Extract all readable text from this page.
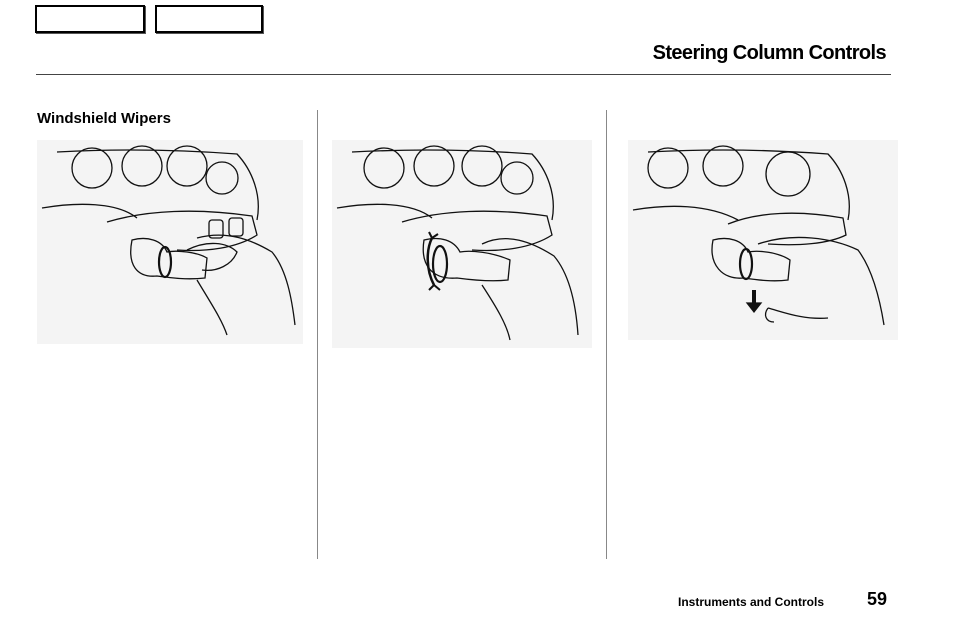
Steering Column Controls
Windshield Wipers

Instruments and Controls 59
